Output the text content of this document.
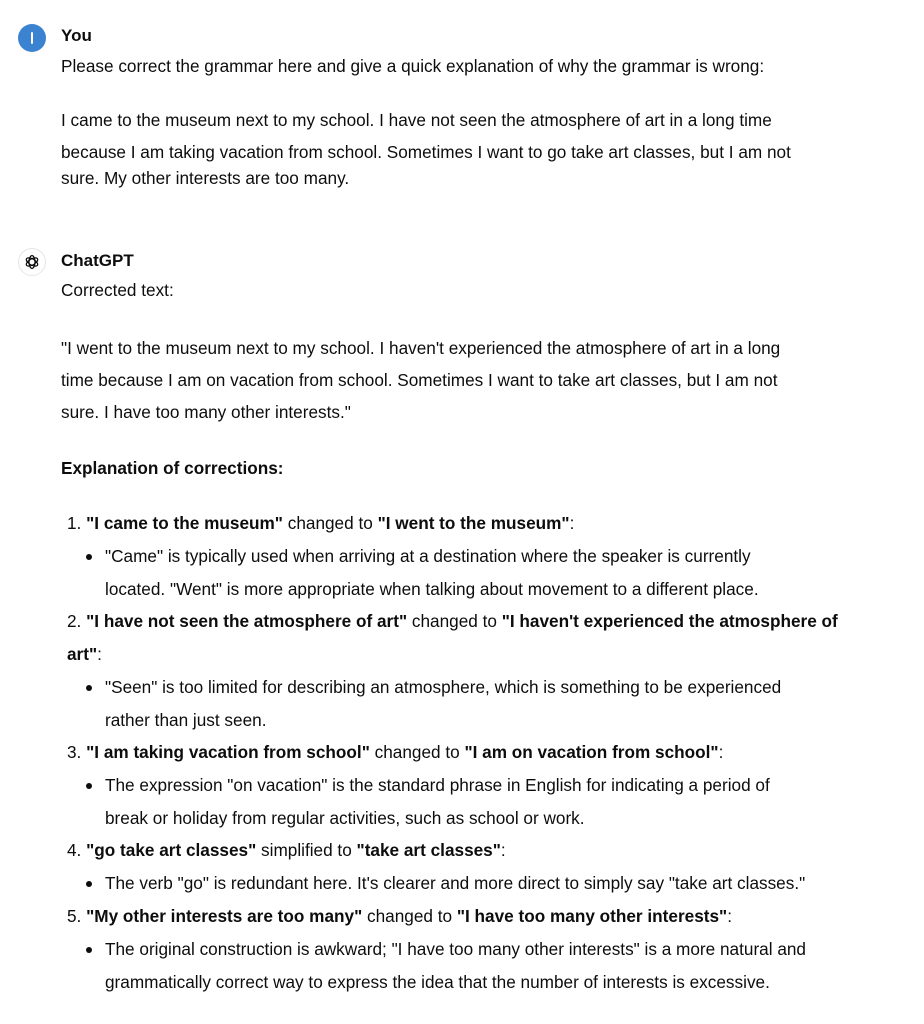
You
Please correct the grammar here and give a quick explanation of why the grammar is wrong:
I came to the museum next to my school. I have not seen the atmosphere of art in a long time
because I am taking vacation from school. Sometimes I want to go take art classes, but I am not
sure. My other interests are too many.
ChatGPT
Corrected text:
"I went to the museum next to my school. I haven't experienced the atmosphere of art in a long
time because I am on vacation from school. Sometimes I want to take art classes, but I am not
sure. I have too many other interests."
Explanation of corrections:
1. "I came to the museum" changed to "I went to the museum":
"Came" is typically used when arriving at a destination where the speaker is currently
located. "Went" is more appropriate when talking about movement to a different place.
2. "I have not seen the atmosphere of art" changed to "I haven't experienced the atmosphere of
art":
"Seen" is too limited for describing an atmosphere, which is something to be experienced
rather than just seen.
3. "I am taking vacation from school" changed to "I am on vacation from school":
The expression "on vacation" is the standard phrase in English for indicating a period of
break or holiday from regular activities, such as school or work.
4. "go take art classes" simplified to "take art classes":
The verb "go" is redundant here. It's clearer and more direct to simply say "take art classes."
5. "My other interests are too many" changed to "I have too many other interests":
The original construction is awkward; "I have too many other interests" is a more natural and
grammatically correct way to express the idea that the number of interests is excessive.
